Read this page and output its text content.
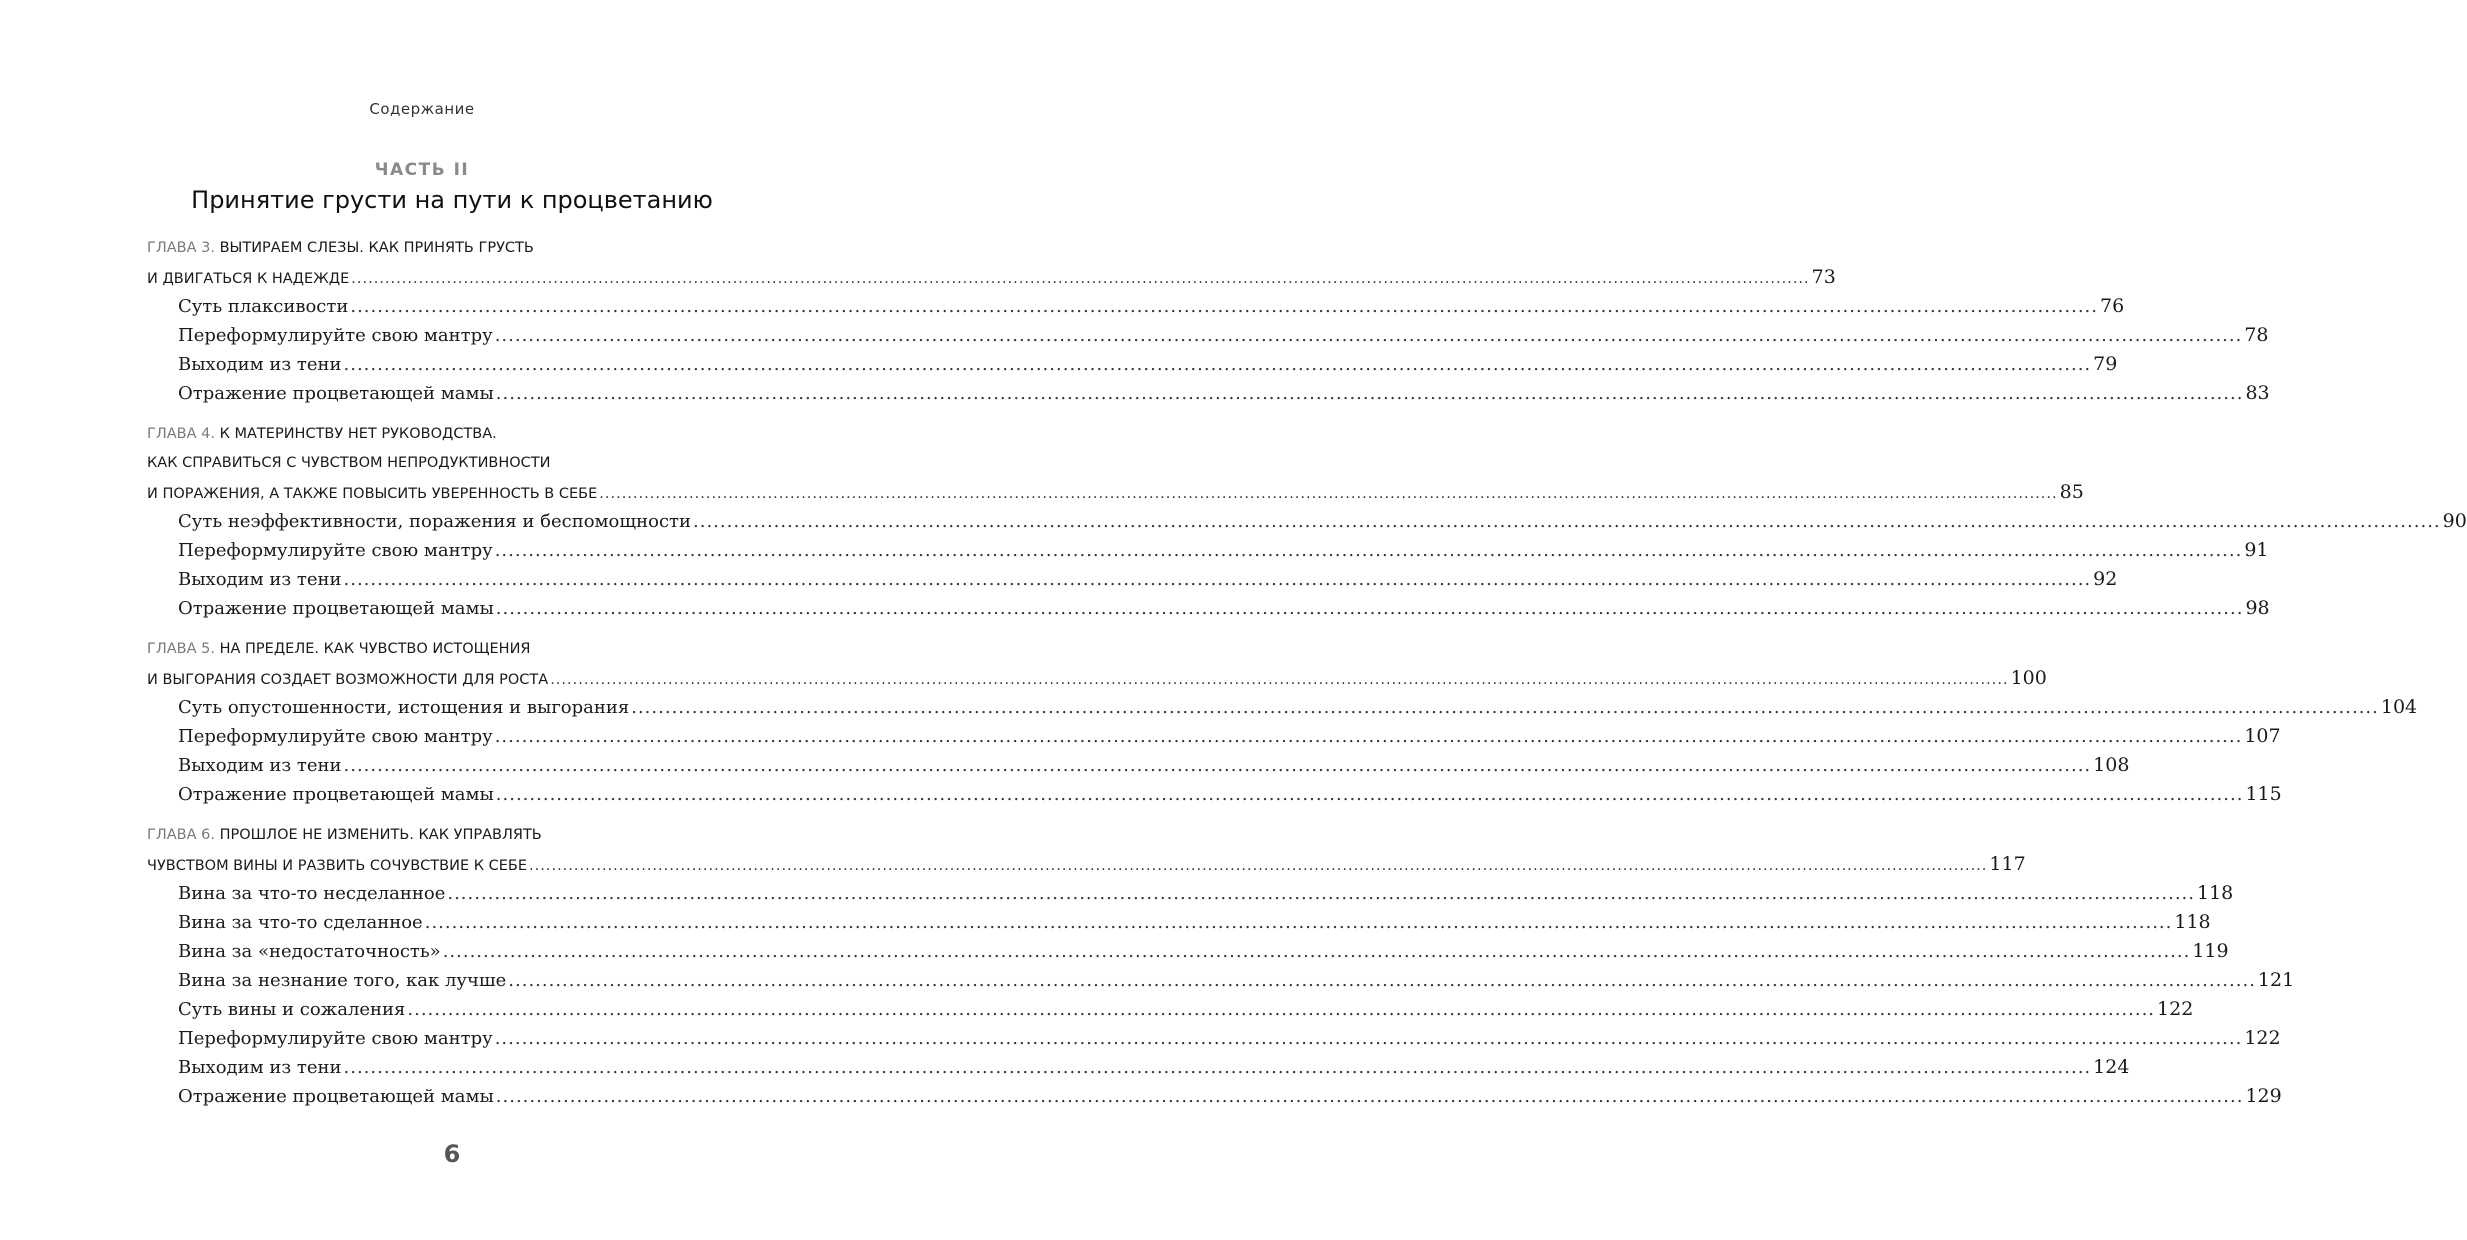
Содержание
ЧАСТЬ II
Принятие грусти на пути к процветанию
ГЛАВА 3. ВЫТИРАЕМ СЛЕЗЫ. КАК ПРИНЯТЬ ГРУСТЬ
И ДВИГАТЬСЯ К НАДЕЖДЕ .................................................................................................................................................................................................................................................................... 73
Суть плаксивости .................................................................................................................................................................................................................................................................... 76
Переформулируйте свою мантру .................................................................................................................................................................................................................................................................... 78
Выходим из тени .................................................................................................................................................................................................................................................................... 79
Отражение процветающей мамы .................................................................................................................................................................................................................................................................... 83
ГЛАВА 4. К МАТЕРИНСТВУ НЕТ РУКОВОДСТВА.
КАК СПРАВИТЬСЯ С ЧУВСТВОМ НЕПРОДУКТИВНОСТИ
И ПОРАЖЕНИЯ, А ТАКЖЕ ПОВЫСИТЬ УВЕРЕННОСТЬ В СЕБЕ .................................................................................................................................................................................................................................................................... 85
Суть неэффективности, поражения и беспомощности .................................................................................................................................................................................................................................................................... 90
Переформулируйте свою мантру .................................................................................................................................................................................................................................................................... 91
Выходим из тени .................................................................................................................................................................................................................................................................... 92
Отражение процветающей мамы .................................................................................................................................................................................................................................................................... 98
ГЛАВА 5. НА ПРЕДЕЛЕ. КАК ЧУВСТВО ИСТОЩЕНИЯ
И ВЫГОРАНИЯ СОЗДАЕТ ВОЗМОЖНОСТИ ДЛЯ РОСТА .................................................................................................................................................................................................................................................................... 100
Суть опустошенности, истощения и выгорания .................................................................................................................................................................................................................................................................... 104
Переформулируйте свою мантру .................................................................................................................................................................................................................................................................... 107
Выходим из тени .................................................................................................................................................................................................................................................................... 108
Отражение процветающей мамы .................................................................................................................................................................................................................................................................... 115
ГЛАВА 6. ПРОШЛОЕ НЕ ИЗМЕНИТЬ. КАК УПРАВЛЯТЬ
ЧУВСТВОМ ВИНЫ И РАЗВИТЬ СОЧУВСТВИЕ К СЕБЕ .................................................................................................................................................................................................................................................................... 117
Вина за что-то несделанное .................................................................................................................................................................................................................................................................... 118
Вина за что-то сделанное .................................................................................................................................................................................................................................................................... 118
Вина за «недостаточность» .................................................................................................................................................................................................................................................................... 119
Вина за незнание того, как лучше .................................................................................................................................................................................................................................................................... 121
Суть вины и сожаления .................................................................................................................................................................................................................................................................... 122
Переформулируйте свою мантру .................................................................................................................................................................................................................................................................... 122
Выходим из тени .................................................................................................................................................................................................................................................................... 124
Отражение процветающей мамы .................................................................................................................................................................................................................................................................... 129
6
